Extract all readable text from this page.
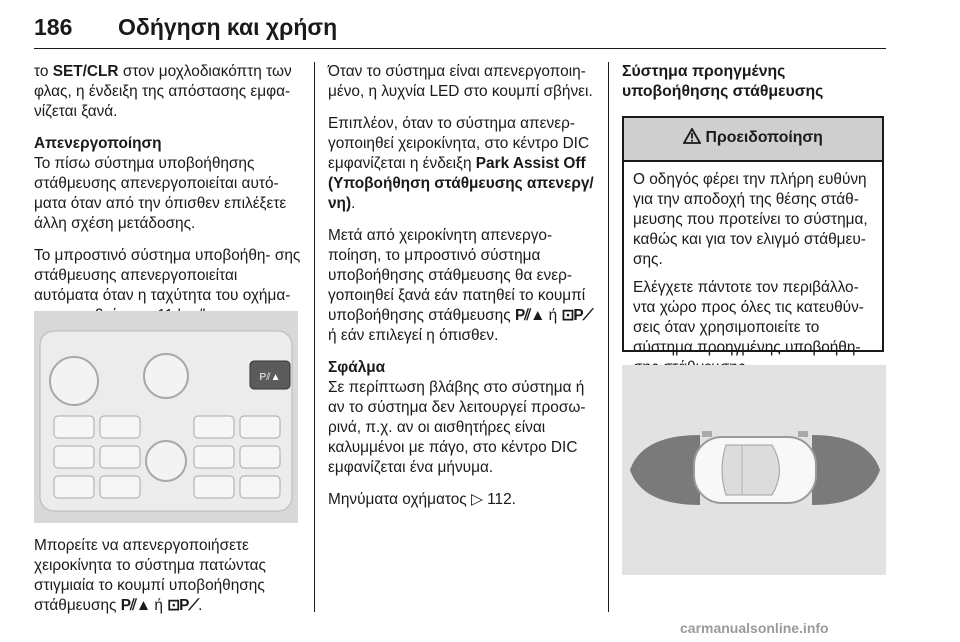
186 Οδήγηση και χρήση

το SET/CLR στον μοχλοδιακόπτη των φλας, η ένδειξη της απόστασης εμφα- νίζεται ξανά.

Απενεργοποίηση

Το πίσω σύστημα υποβοήθησης στάθμευσης απενεργοποιείται αυτό- ματα όταν από την όπισθεν επιλέξετε άλλη σχέση μετάδοσης.

Το μπροστινό σύστημα υποβοήθη- σης στάθμευσης απενεργοποιείται αυτόματα όταν η ταχύτητα του οχήμα-

P⫽▲

Μπορείτε να απενεργοποιήσετε χειροκίνητα το σύστημα πατώντας στιγμιαία το κουμπί υποβοήθησης στάθμευσης P⫽▲ ή ⊡P⟋.

Όταν το σύστημα είναι απενεργοποιη- μένο, η λυχνία LED στο κουμπί σβήνει.

Επιπλέον, όταν το σύστημα απενερ- γοποιηθεί χειροκίνητα, στο κέντρο DIC εμφανίζεται η ένδειξη Park Assist Off (Υποβοήθηση στάθμευσης απενεργ/νη).

Μετά από χειροκίνητη απενεργο- ποίηση, το μπροστινό σύστημα υποβοήθησης στάθμευσης θα ενερ- γοποιηθεί ξανά εάν πατηθεί το κουμπί υποβοήθησης στάθμευσης P⫽▲ ή ⊡P⟋ ή εάν επιλεγεί η όπισθεν.

Σφάλμα

Σε περίπτωση βλάβης στο σύστημα ή αν το σύστημα δεν λειτουργεί προσω- ρινά, π.χ. αν οι αισθητήρες είναι καλυμμένοι με πάγο, στο κέντρο DIC εμφανίζεται ένα μήνυμα.

Μηνύματα οχήματος ▷ 112.

Σύστημα προηγμένης
υποβοήθησης στάθμευσης

Προειδοποίηση

Ο οδηγός φέρει την πλήρη ευθύνη για την αποδοχή της θέσης στάθ- μευσης που προτείνει το σύστημα, καθώς και για τον ελιγμό στάθμευ- σης.

Ελέγχετε πάντοτε τον περιβάλλο- ντα χώρο προς όλες τις κατευθύν- σεις όταν χρησιμοποιείτε το σύστημα προηγμένης υποβοήθη-

carmanualsonline.info
